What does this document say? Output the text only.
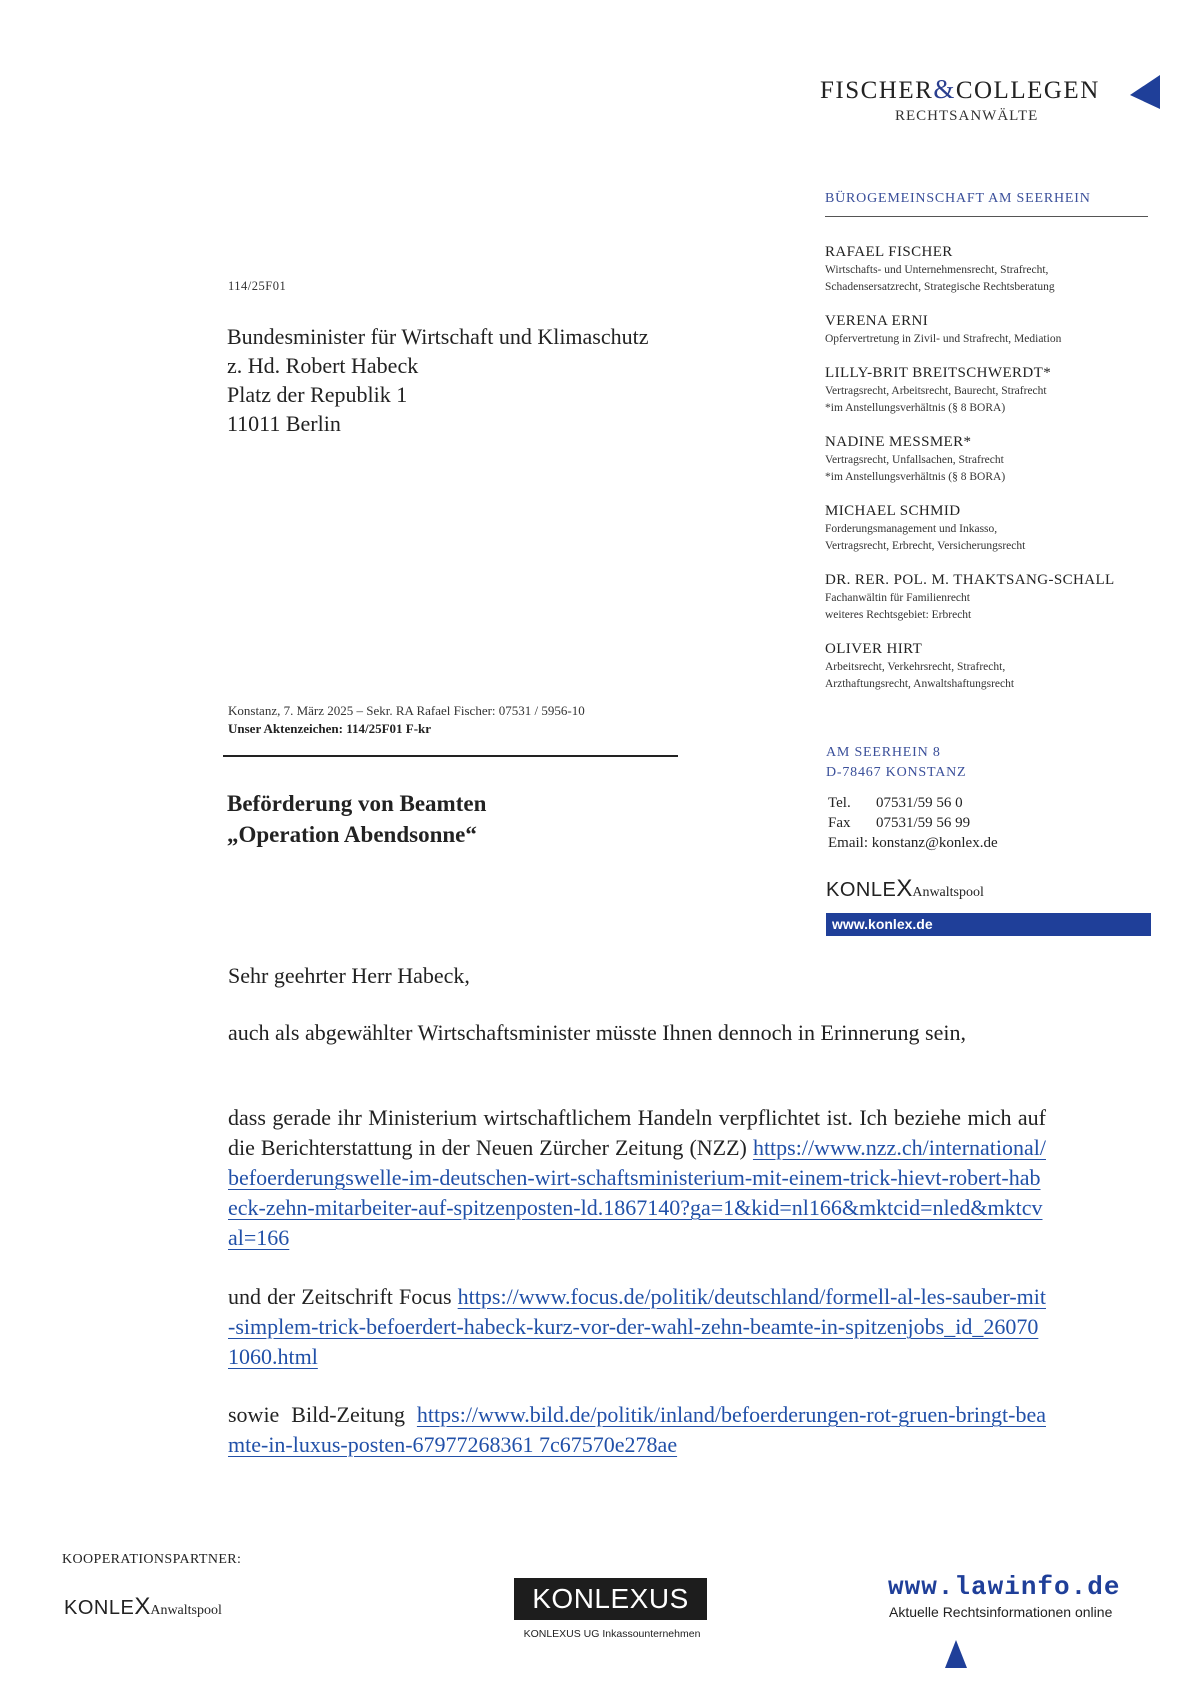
FISCHER&COLLEGEN
RECHTSANWÄLTE
BÜROGEMEINSCHAFT AM SEERHEIN
RAFAEL FISCHER
Wirtschafts- und Unternehmensrecht, Strafrecht,
Schadensersatzrecht, Strategische Rechtsberatung
VERENA ERNI
Opfervertretung in Zivil- und Strafrecht, Mediation
LILLY-BRIT BREITSCHWERDT*
Vertragsrecht, Arbeitsrecht, Baurecht, Strafrecht
*im Anstellungsverhältnis (§ 8 BORA)
NADINE MESSMER*
Vertragsrecht, Unfallsachen, Strafrecht
*im Anstellungsverhältnis (§ 8 BORA)
MICHAEL SCHMID
Forderungsmanagement und Inkasso,
Vertragsrecht, Erbrecht, Versicherungsrecht
DR. RER. POL. M. THAKTSANG-SCHALL
Fachanwältin für Familienrecht
weiteres Rechtsgebiet: Erbrecht
OLIVER HIRT
Arbeitsrecht, Verkehrsrecht, Strafrecht,
Arzthaftungsrecht, Anwaltshaftungsrecht
AM SEERHEIN 8
D-78467 KONSTANZ
Tel. 07531/59 56 0
Fax 07531/59 56 99
Email: konstanz@konlex.de
KONLEXAnwaltspool
www.konlex.de
114/25F01
Bundesminister für Wirtschaft und Klimaschutz
z. Hd. Robert Habeck
Platz der Republik 1
11011 Berlin
Konstanz, 7. März 2025 – Sekr. RA Rafael Fischer: 07531 / 5956-10
Unser Aktenzeichen: 114/25F01 F-kr
Beförderung von Beamten
„Operation Abendsonne“
Sehr geehrter Herr Habeck,
auch als abgewählter Wirtschaftsminister müsste Ihnen dennoch in Erinnerung sein,
dass gerade ihr Ministerium wirtschaftlichem Handeln verpflichtet ist. Ich beziehe mich auf die Berichterstattung in der Neuen Zürcher Zeitung (NZZ) https://www.nzz.ch/international/befoerderungswelle-im-deutschen-wirt-schaftsministerium-mit-einem-trick-hievt-robert-habeck-zehn-mitarbeiter-auf-spitzenposten-ld.1867140?ga=1&kid=nl166&mktcid=nled&mktcval=166
und der Zeitschrift Focus https://www.focus.de/politik/deutschland/formell-al-les-sauber-mit-simplem-trick-befoerdert-habeck-kurz-vor-der-wahl-zehn-beamte-in-spitzenjobs_id_260701060.html
sowie Bild-Zeitung https://www.bild.de/politik/inland/befoerderungen-rot-gruen-bringt-beamte-in-luxus-posten-67977268361 7c67570e278ae
KOOPERATIONSPARTNER:
KONLEXAnwaltspool	KONLEXUS
KONLEXUS UG Inkassounternehmen
www.lawinfo.de
Aktuelle Rechtsinformationen online
